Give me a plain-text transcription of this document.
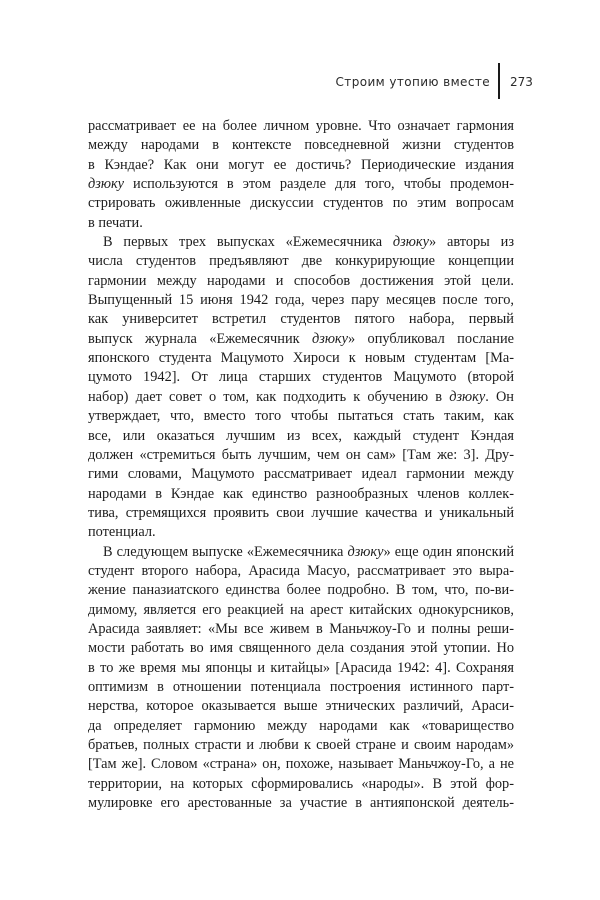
Строим утопию вместе 273
рассматривает ее на более личном уровне. Что означает гармония
между народами в контексте повседневной жизни студентов
в Кэндае? Как они могут ее достичь? Периодические издания
дзюку используются в этом разделе для того, чтобы продемон-
стрировать оживленные дискуссии студентов по этим вопросам
в печати.
В первых трех выпусках «Ежемесячника дзюку» авторы из
числа студентов предъявляют две конкурирующие концепции
гармонии между народами и способов достижения этой цели.
Выпущенный 15 июня 1942 года, через пару месяцев после того,
как университет встретил студентов пятого набора, первый
выпуск журнала «Ежемесячник дзюку» опубликовал послание
японского студента Мацумото Хироси к новым студентам [Ма-
цумото 1942]. От лица старших студентов Мацумото (второй
набор) дает совет о том, как подходить к обучению в дзюку. Он
утверждает, что, вместо того чтобы пытаться стать таким, как
все, или оказаться лучшим из всех, каждый студент Кэндая
должен «стремиться быть лучшим, чем он сам» [Там же: 3]. Дру-
гими словами, Мацумото рассматривает идеал гармонии между
народами в Кэндае как единство разнообразных членов коллек-
тива, стремящихся проявить свои лучшие качества и уникальный
потенциал.
В следующем выпуске «Ежемесячника дзюку» еще один японский
студент второго набора, Арасида Масуо, рассматривает это выра-
жение паназиатского единства более подробно. В том, что, по-ви-
димому, является его реакцией на арест китайских однокурсников,
Арасида заявляет: «Мы все живем в Маньчжоу-Го и полны реши-
мости работать во имя священного дела создания этой утопии. Но
в то же время мы японцы и китайцы» [Арасида 1942: 4]. Сохраняя
оптимизм в отношении потенциала построения истинного парт-
нерства, которое оказывается выше этнических различий, Араси-
да определяет гармонию между народами как «товарищество
братьев, полных страсти и любви к своей стране и своим народам»
[Там же]. Словом «страна» он, похоже, называет Маньчжоу-Го, а не
территории, на которых сформировались «народы». В этой фор-
мулировке его арестованные за участие в антияпонской деятель-
